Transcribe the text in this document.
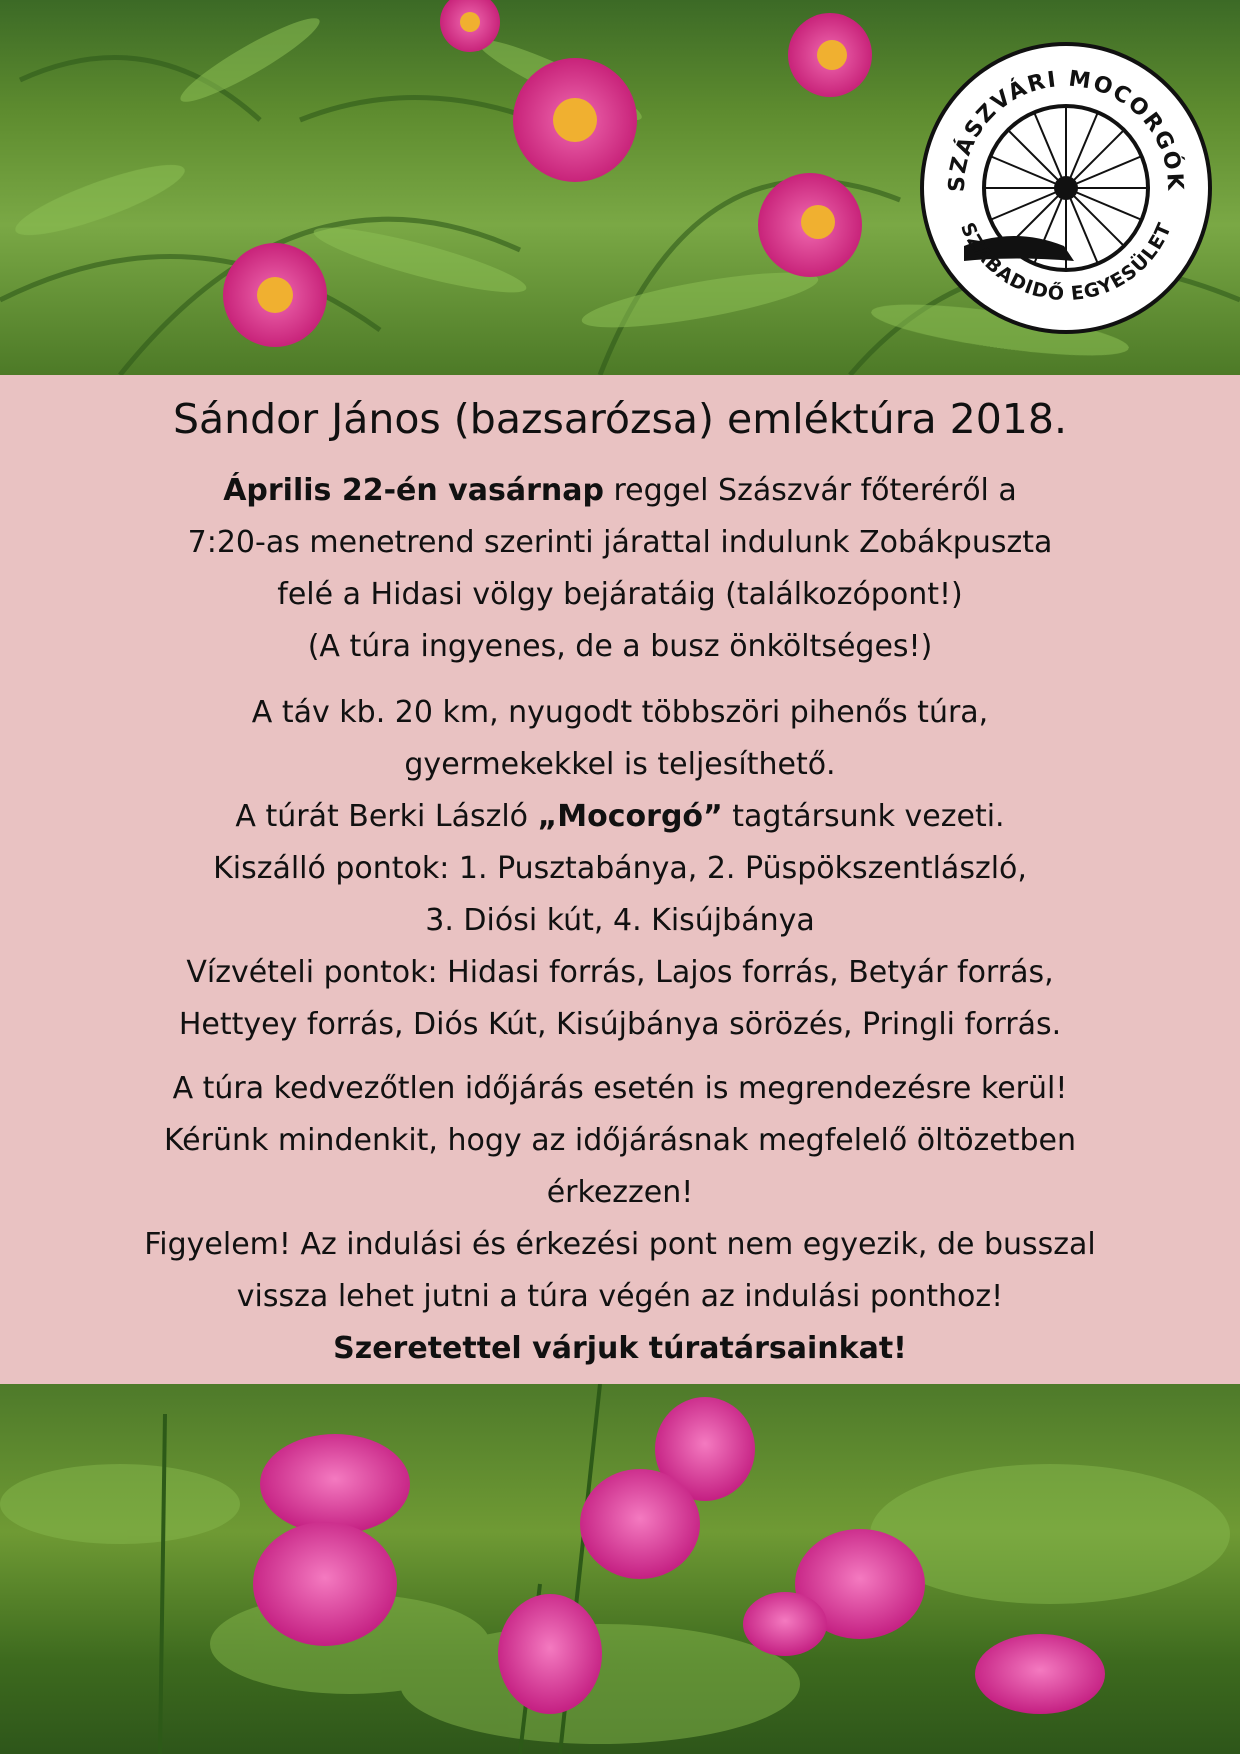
SZÁSZVÁRI MOCORGÓK
SZABADIDŐ EGYESÜLET
Sándor János (bazsarózsa) emléktúra 2018.

Április 22-én vasárnap reggel Szászvár főteréről a

7:20-as menetrend szerinti járattal indulunk Zobákpuszta

felé a Hidasi völgy bejáratáig (találkozópont!)

(A túra ingyenes, de a busz önköltséges!)

A táv kb. 20 km, nyugodt többszöri pihenős túra,

gyermekekkel is teljesíthető.

A túrát Berki László „Mocorgó” tagtársunk vezeti.

Kiszálló pontok: 1. Pusztabánya, 2. Püspökszentlászló,

3. Diósi kút, 4. Kisújbánya

Vízvételi pontok: Hidasi forrás, Lajos forrás, Betyár forrás,

Hettyey forrás, Diós Kút, Kisújbánya sörözés, Pringli forrás.

A túra kedvezőtlen időjárás esetén is megrendezésre kerül!

Kérünk mindenkit, hogy az időjárásnak megfelelő öltözetben

érkezzen!

Figyelem! Az indulási és érkezési pont nem egyezik, de busszal

vissza lehet jutni a túra végén az indulási ponthoz!

Szeretettel várjuk túratársainkat!
